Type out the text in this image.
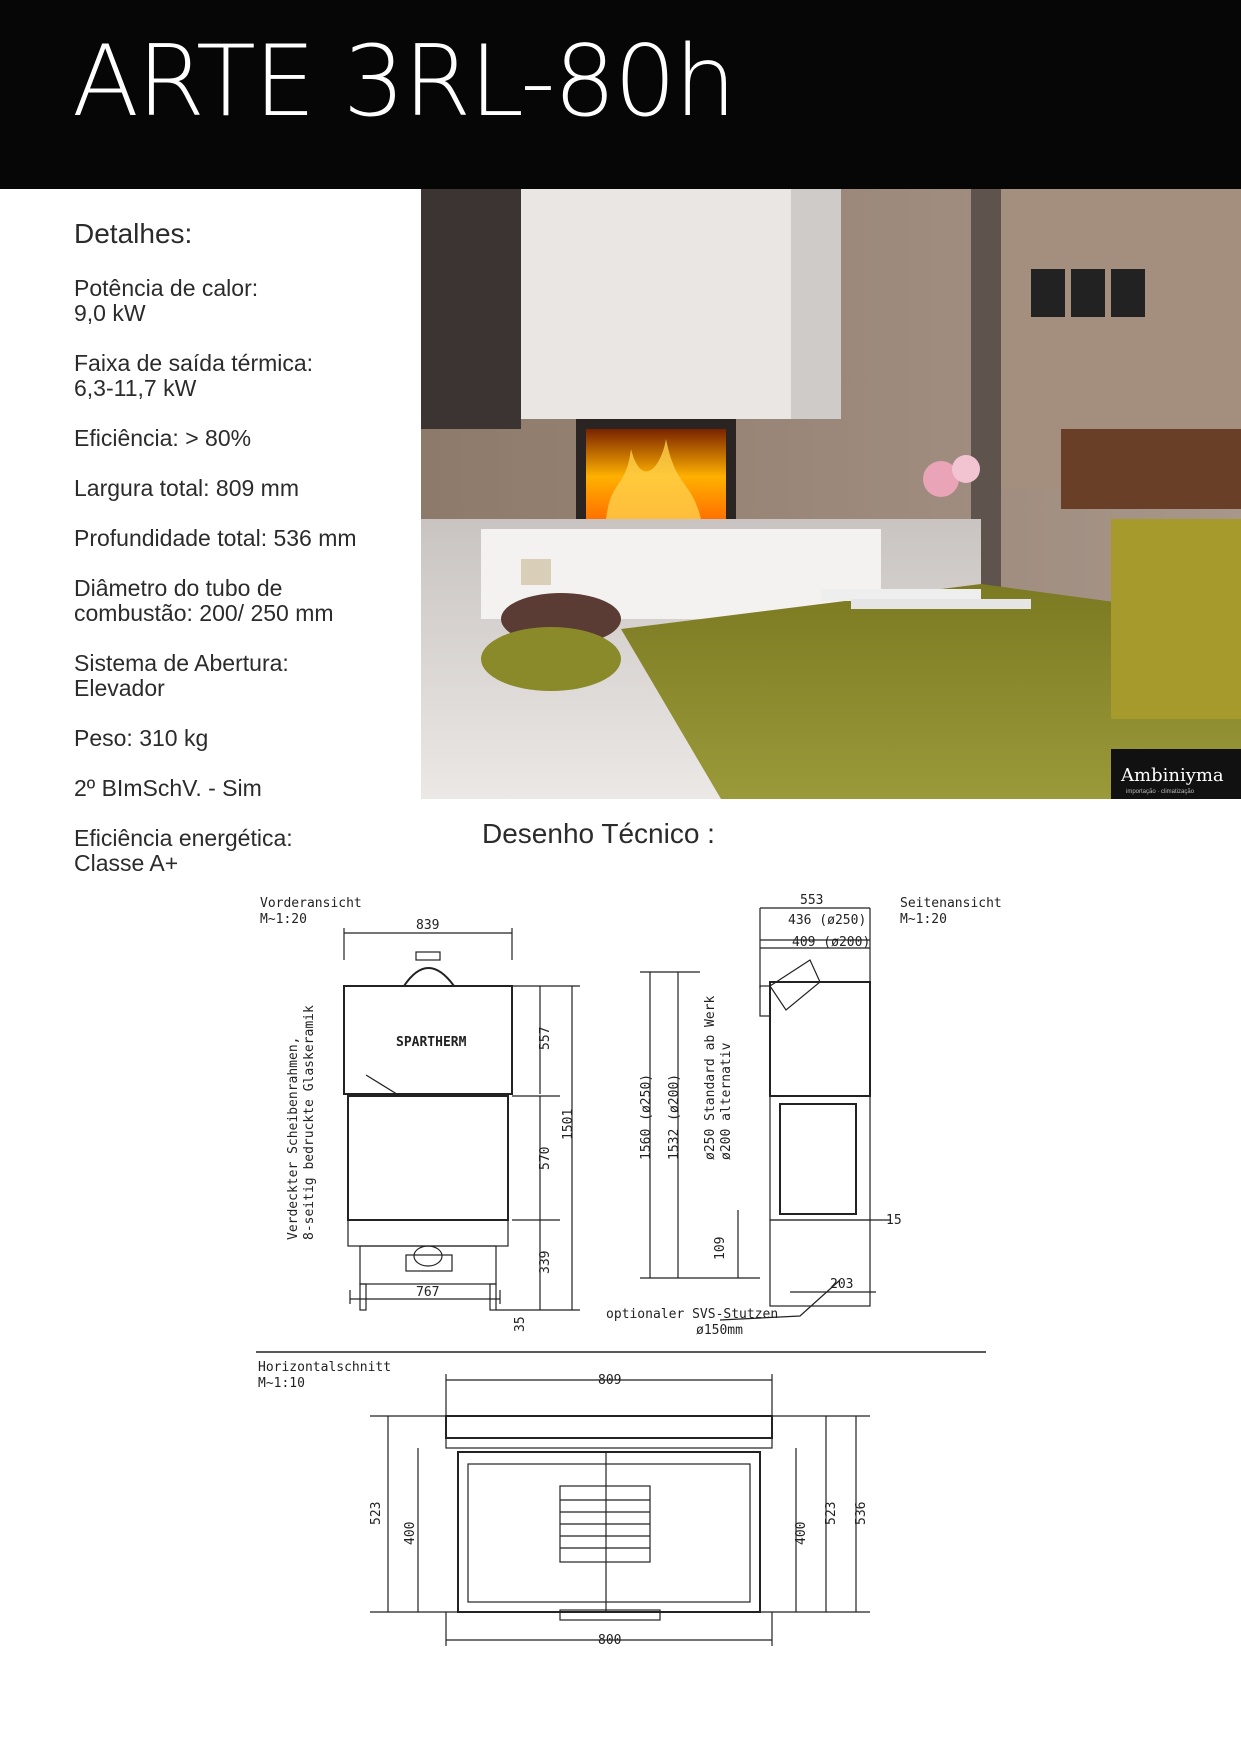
ARTE 3RL-80h
Detalhes:
Potência de calor:
9,0 kW
Faixa de saída térmica:
6,3-11,7 kW
Eficiência: > 80%
Largura total: 809 mm
Profundidade total: 536 mm
Diâmetro do tubo de
combustão: 200/ 250 mm
Sistema de Abertura:
Elevador
Peso: 310 kg
2º BImSchV. - Sim
Eficiência energética:
Classe A+
Ambiniyma
importação · climatização
Desenho Técnico :
Vorderansicht
M~1:20
Seitenansicht
M~1:20
Horizontalschnitt
M~1:10
SPARTHERM
Verdeckter Scheibenrahmen, 8-seitig bedruckte Glaskeramik
839
557
570
339
1501
767
35
553
436 (ø250)
409 (ø200)
1560 (ø250) 1532 (ø200) ø250 Standard ab Werk ø200 alternativ
109
15
203
optionaler SVS-Stutzen
ø150mm
809
800
523
400	400
523 536
